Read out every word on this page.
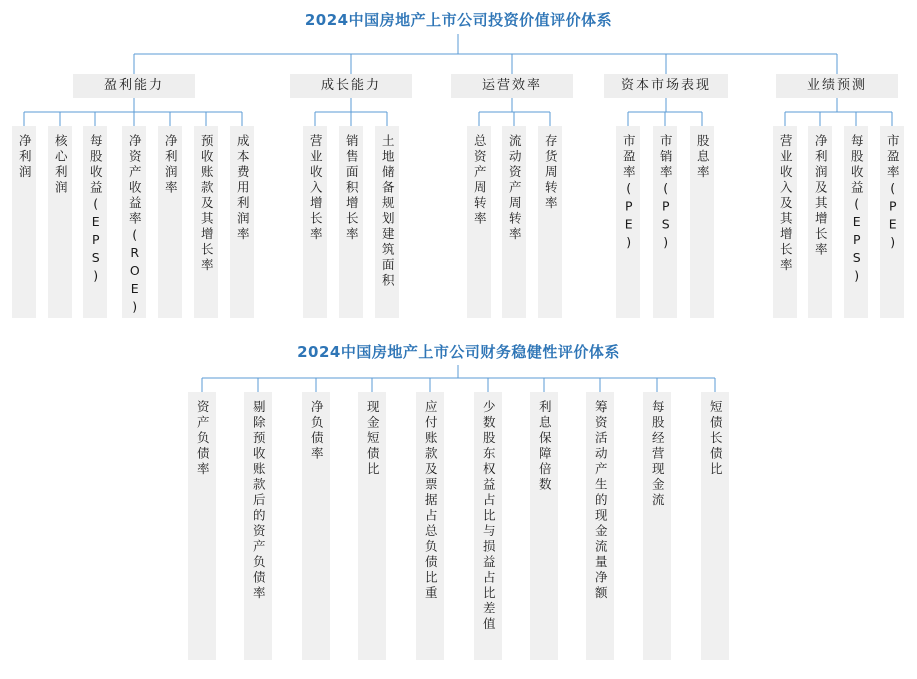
2024中国房地产上市公司投资价值评价体系
2024中国房地产上市公司财务稳健性评价体系
盈利能力
净利润 核心利润 每股收益(EPS) 净资产收益率(ROE) 净利润率 预收账款及其增长率 成本费用利润率
成长能力
营业收入增长率 销售面积增长率 土地储备规划建筑面积
运营效率
总资产周转率 流动资产周转率 存货周转率
资本市场表现
市盈率(PE) 市销率(PS) 股息率
业绩预测
营业收入及其增长率 净利润及其增长率 每股收益(EPS) 市盈率(PE)
资产负债率	剔除预收账款后的资产负债率	净负债率	现金短债比	应付账款及票据占总负债比重	少数股东权益占比与损益占比差值	利息保障倍数	筹资活动产生的现金流量净额	每股经营现金流	短债长债比
